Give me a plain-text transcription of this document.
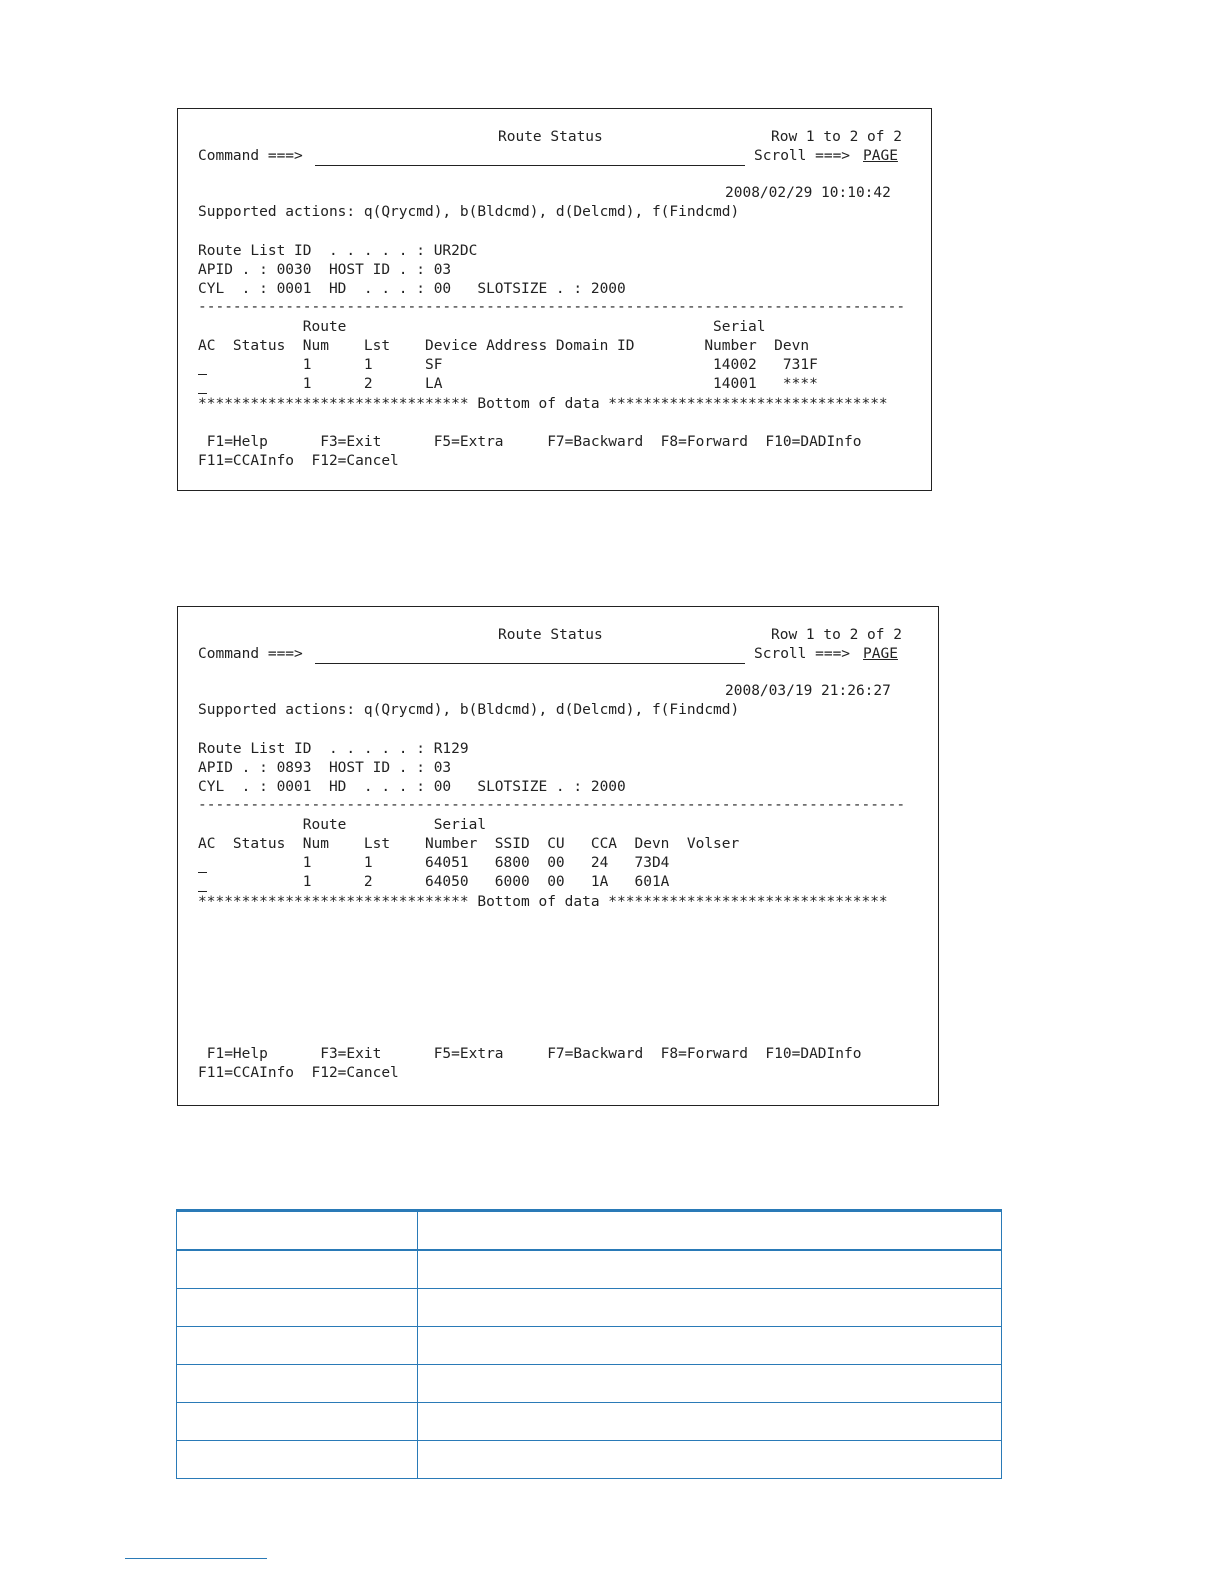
Route Status	Row 1 to 2 of 2
Command ===>	Scroll ===> PAGE
2008/02/29 10:10:42
Supported actions: q(Qrycmd), b(Bldcmd), d(Delcmd), f(Findcmd)
Route List ID  . . . . . : UR2DC
APID . : 0030  HOST ID . : 03
CYL  . : 0001  HD  . . . : 00   SLOTSIZE . : 2000
---------------------------------------------------------------------------------
Route                                          Serial
AC  Status  Num    Lst    Device Address Domain ID        Number  Devn
1      1      SF                               14002   731F
1      2      LA                               14001   ****
******************************* Bottom of data ********************************
F1=Help      F3=Exit      F5=Extra     F7=Backward  F8=Forward  F10=DADInfo
F11=CCAInfo  F12=Cancel
Route Status	Row 1 to 2 of 2
Command ===>	Scroll ===> PAGE
2008/03/19 21:26:27
Supported actions: q(Qrycmd), b(Bldcmd), d(Delcmd), f(Findcmd)
Route List ID  . . . . . : R129
APID . : 0893  HOST ID . : 03
CYL  . : 0001  HD  . . . : 00   SLOTSIZE . : 2000
---------------------------------------------------------------------------------
Route          Serial
AC  Status  Num    Lst    Number  SSID  CU   CCA  Devn  Volser
1      1      64051   6800  00   24   73D4
1      2      64050   6000  00   1A   601A
******************************* Bottom of data ********************************
F1=Help      F3=Exit      F5=Extra     F7=Backward  F8=Forward  F10=DADInfo
F11=CCAInfo  F12=Cancel
